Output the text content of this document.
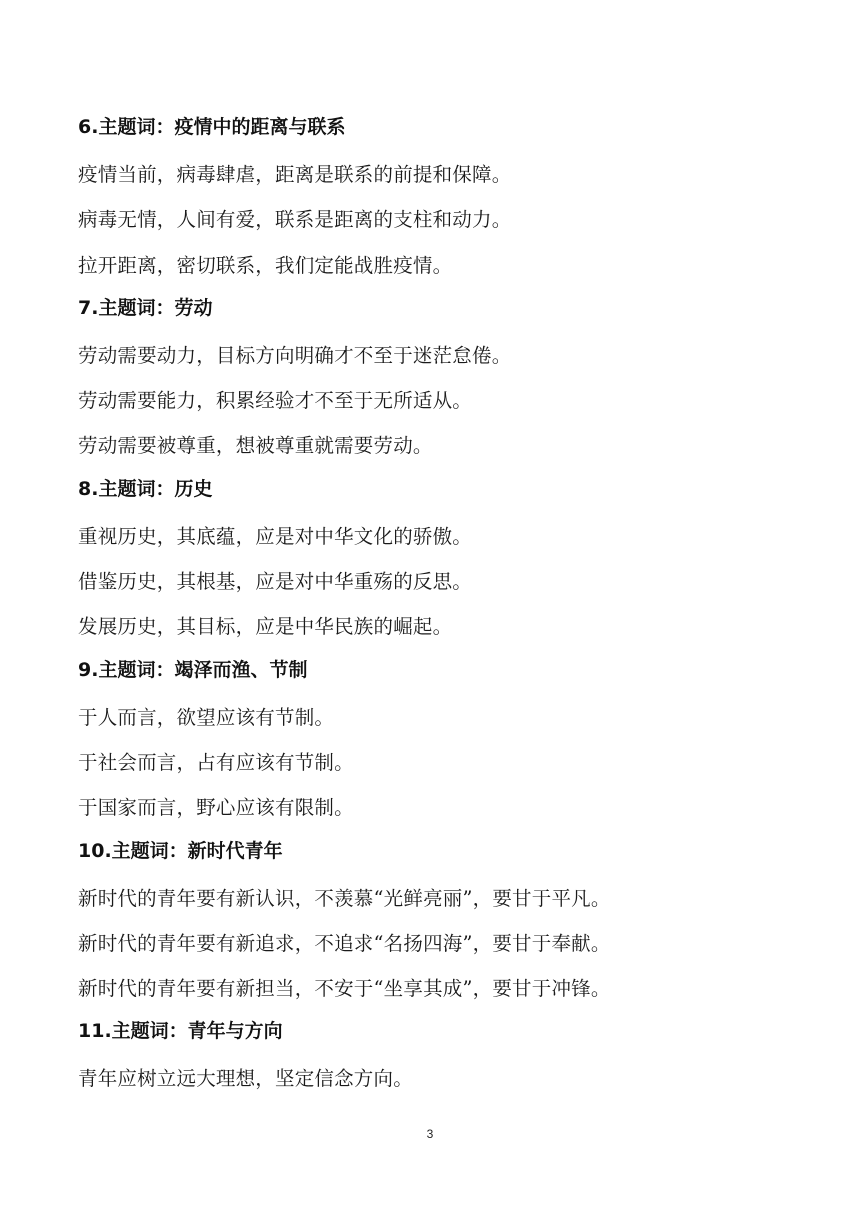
6.主题词：疫情中的距离与联系
疫情当前，病毒肆虐，距离是联系的前提和保障。
病毒无情，人间有爱，联系是距离的支柱和动力。
拉开距离，密切联系，我们定能战胜疫情。
7.主题词：劳动
劳动需要动力，目标方向明确才不至于迷茫怠倦。
劳动需要能力，积累经验才不至于无所适从。
劳动需要被尊重，想被尊重就需要劳动。
8.主题词：历史
重视历史，其底蕴，应是对中华文化的骄傲。
借鉴历史，其根基，应是对中华重殇的反思。
发展历史，其目标，应是中华民族的崛起。
9.主题词：竭泽而渔、节制
于人而言，欲望应该有节制。
于社会而言，占有应该有节制。
于国家而言，野心应该有限制。
10.主题词：新时代青年
新时代的青年要有新认识，不羡慕“光鲜亮丽”，要甘于平凡。
新时代的青年要有新追求，不追求“名扬四海”，要甘于奉献。
新时代的青年要有新担当，不安于“坐享其成”，要甘于冲锋。
11.主题词：青年与方向
青年应树立远大理想，坚定信念方向。
3
